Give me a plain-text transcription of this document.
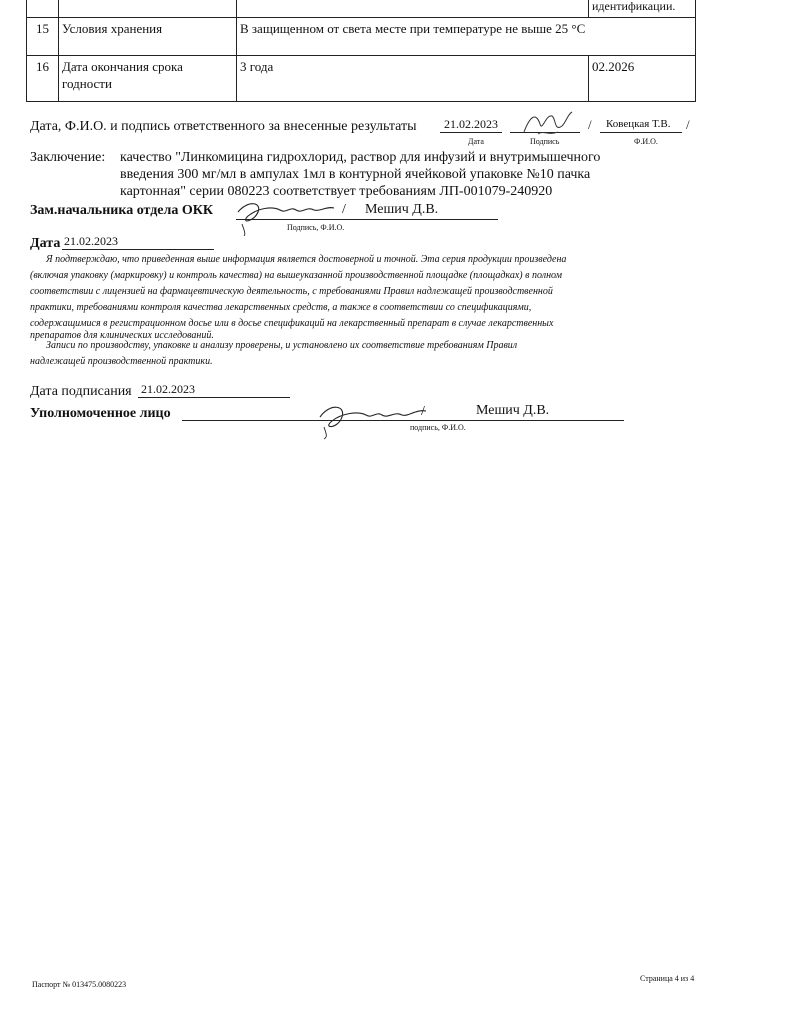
			идентификации.
15	Условия хранения	В защищенном от света месте при температуре не выше 25 °С	
16	Дата окончания срока годности	3 года	02.2026
Дата, Ф.И.О. и подпись ответственного за внесенные результаты 21.02.2023	/ Ковецкая Т.В. /
Дата	Подпись	Ф.И.О.
Заключение: качество "Линкомицина гидрохлорид, раствор для инфузий и внутримышечного
введения 300 мг/мл в ампулах 1мл в контурной ячейковой упаковке №10 пачка
картонная" серии 080223 соответствует требованиям ЛП-001079-240920
Зам.начальника отдела ОКК	/ Мешич Д.В.
Подпись, Ф.И.О.
Дата 21.02.2023
Я подтверждаю, что приведенная выше информация является достоверной и точной. Эта серия продукции произведена
(включая упаковку (маркировку) и контроль качества) на вышеуказанной производственной площадке (площадках) в полном
соответствии с лицензией на фармацевтическую деятельность, с требованиями Правил надлежащей производственной
практики, требованиями контроля качества лекарственных средств, а также в соответствии со спецификациями,
содержащимися в регистрационном досье или в досье спецификаций на лекарственный препарат в случае лекарственных
препаратов для клинических исследований.
Записи по производству, упаковке и анализу проверены, и установлено их соответствие требованиям Правил
надлежащей производственной практики.
Дата подписания 21.02.2023
Уполномоченное лицо	/	Мешич Д.В.
подпись, Ф.И.О.
Паспорт № 013475.0080223
Страница 4 из 4
